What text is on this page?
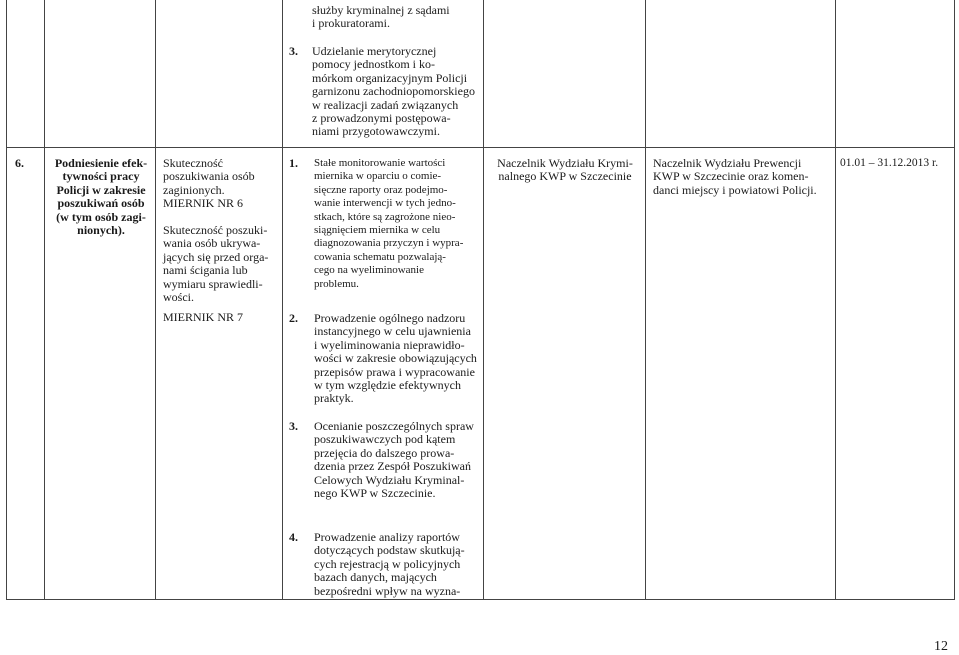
służby kryminalnej z sądami
i prokuratorami.
3. Udzielanie merytorycznej
pomocy jednostkom i ko-
mórkom organizacyjnym Policji
garnizonu zachodniopomorskiego
w realizacji zadań związanych
z prowadzonymi postępowa-
niami przygotowawczymi.
6.	Podniesienie efek-
tywności pracy
Policji w zakresie
poszukiwań osób
(w tym osób zagi-
nionych).
Skuteczność
poszukiwania osób
zaginionych.
MIERNIK NR 6
Skuteczność poszuki-
wania osób ukrywa-
jących się przed orga-
nami ścigania lub
wymiaru sprawiedli-
wości.
MIERNIK NR 7
1. Stałe monitorowanie wartości
miernika w oparciu o comie-
sięczne raporty oraz podejmo-
wanie interwencji w tych jedno-
stkach, które są zagrożone nieo-
siągnięciem miernika w celu
diagnozowania przyczyn i wypra-
cowania schematu pozwalają-
cego na wyeliminowanie
problemu.
2. Prowadzenie ogólnego nadzoru
instancyjnego w celu ujawnienia
i wyeliminowania nieprawidło-
wości w zakresie obowiązujących
przepisów prawa i wypracowanie
w tym względzie efektywnych
praktyk.
3. Ocenianie poszczególnych spraw
poszukiwawczych pod kątem
przejęcia do dalszego prowa-
dzenia przez Zespół Poszukiwań
Celowych Wydziału Kryminal-
nego KWP w Szczecinie.
4. Prowadzenie analizy raportów
dotyczących podstaw skutkują-
cych rejestracją w policyjnych
bazach danych, mających
bezpośredni wpływ na wyzna-
Naczelnik Wydziału Krymi-
nalnego KWP w Szczecinie
Naczelnik Wydziału Prewencji
KWP w Szczecinie oraz komen-
danci miejscy i powiatowi Policji.
01.01 – 31.12.2013 r.
12
